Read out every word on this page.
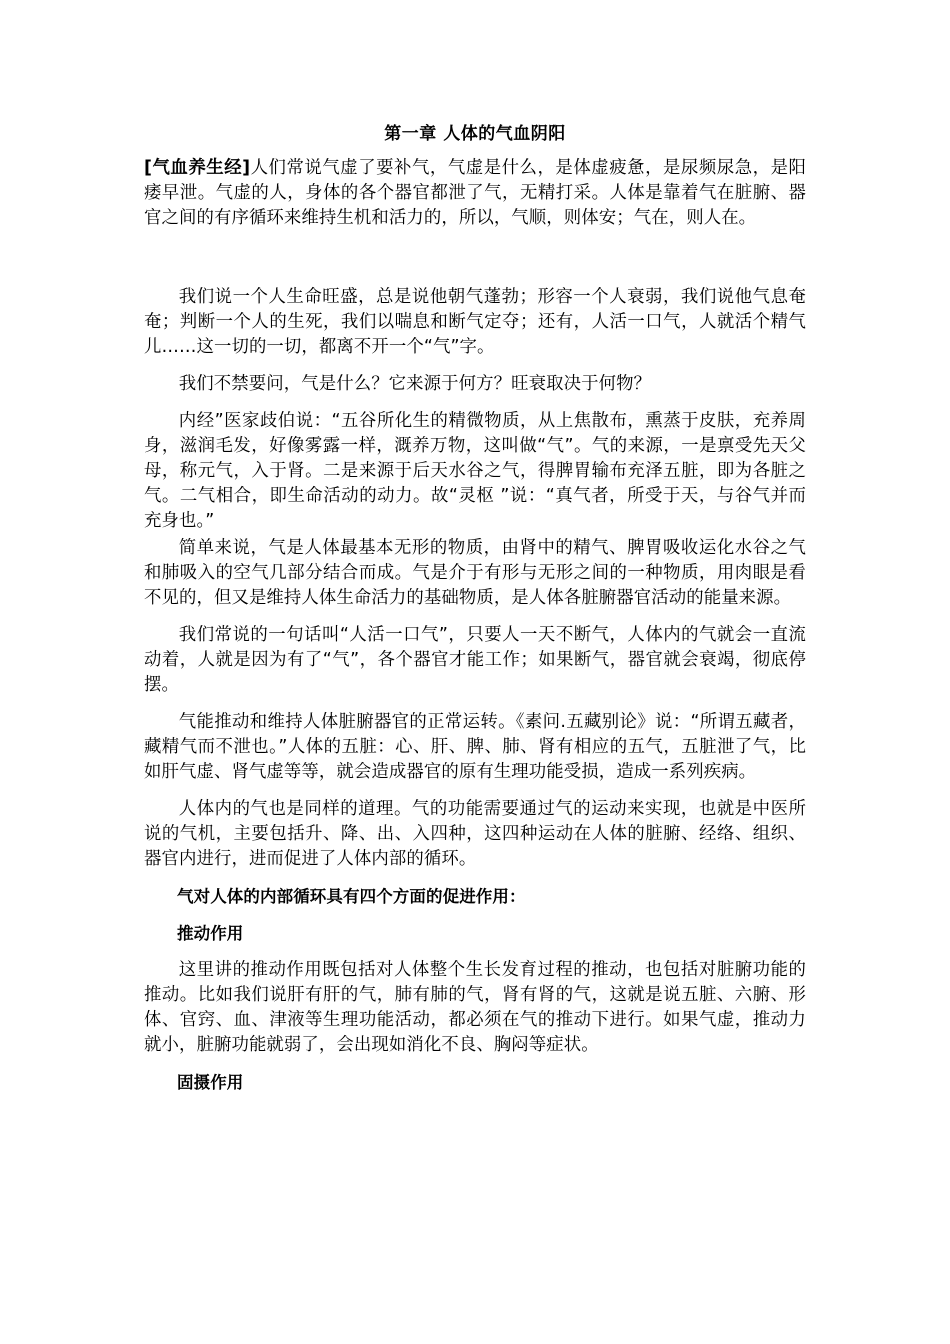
第一章 人体的气血阴阳

[气血养生经]人们常说气虚了要补气，气虚是什么，是体虚疲惫，是尿频尿急，是阳痿早泄。气虚的人，身体的各个器官都泄了气，无精打采。人体是靠着气在脏腑、器官之间的有序循环来维持生机和活力的，所以，气顺，则体安；气在，则人在。

我们说一个人生命旺盛，总是说他朝气蓬勃；形容一个人衰弱，我们说他气息奄奄；判断一个人的生死，我们以喘息和断气定夺；还有，人活一口气，人就活个精气儿……这一切的一切，都离不开一个“气”字。

我们不禁要问，气是什么？它来源于何方？旺衰取决于何物？

内经”医家歧伯说：“五谷所化生的精微物质，从上焦散布，熏蒸于皮肤，充养周身，滋润毛发，好像雾露一样，溉养万物，这叫做“气”。气的来源，一是禀受先天父母，称元气，入于肾。二是来源于后天水谷之气，得脾胃输布充泽五脏，即为各脏之气。二气相合，即生命活动的动力。故“灵枢 ”说：“真气者，所受于天，与谷气并而充身也。”

简单来说，气是人体最基本无形的物质，由肾中的精气、脾胃吸收运化水谷之气和肺吸入的空气几部分结合而成。气是介于有形与无形之间的一种物质，用肉眼是看不见的，但又是维持人体生命活力的基础物质，是人体各脏腑器官活动的能量来源。

我们常说的一句话叫“人活一口气”，只要人一天不断气，人体内的气就会一直流动着，人就是因为有了“气”，各个器官才能工作；如果断气，器官就会衰竭，彻底停摆。

气能推动和维持人体脏腑器官的正常运转。《素问.五藏别论》说：“所谓五藏者，藏精气而不泄也。”人体的五脏：心、肝、脾、肺、肾有相应的五气，五脏泄了气，比如肝气虚、肾气虚等等，就会造成器官的原有生理功能受损，造成一系列疾病。

人体内的气也是同样的道理。气的功能需要通过气的运动来实现，也就是中医所说的气机，主要包括升、降、出、入四种，这四种运动在人体的脏腑、经络、组织、器官内进行，进而促进了人体内部的循环。

气对人体的内部循环具有四个方面的促进作用：

推动作用

这里讲的推动作用既包括对人体整个生长发育过程的推动，也包括对脏腑功能的推动。比如我们说肝有肝的气，肺有肺的气，肾有肾的气，这就是说五脏、六腑、形体、官窍、血、津液等生理功能活动，都必须在气的推动下进行。如果气虚，推动力就小，脏腑功能就弱了，会出现如消化不良、胸闷等症状。

固摄作用
